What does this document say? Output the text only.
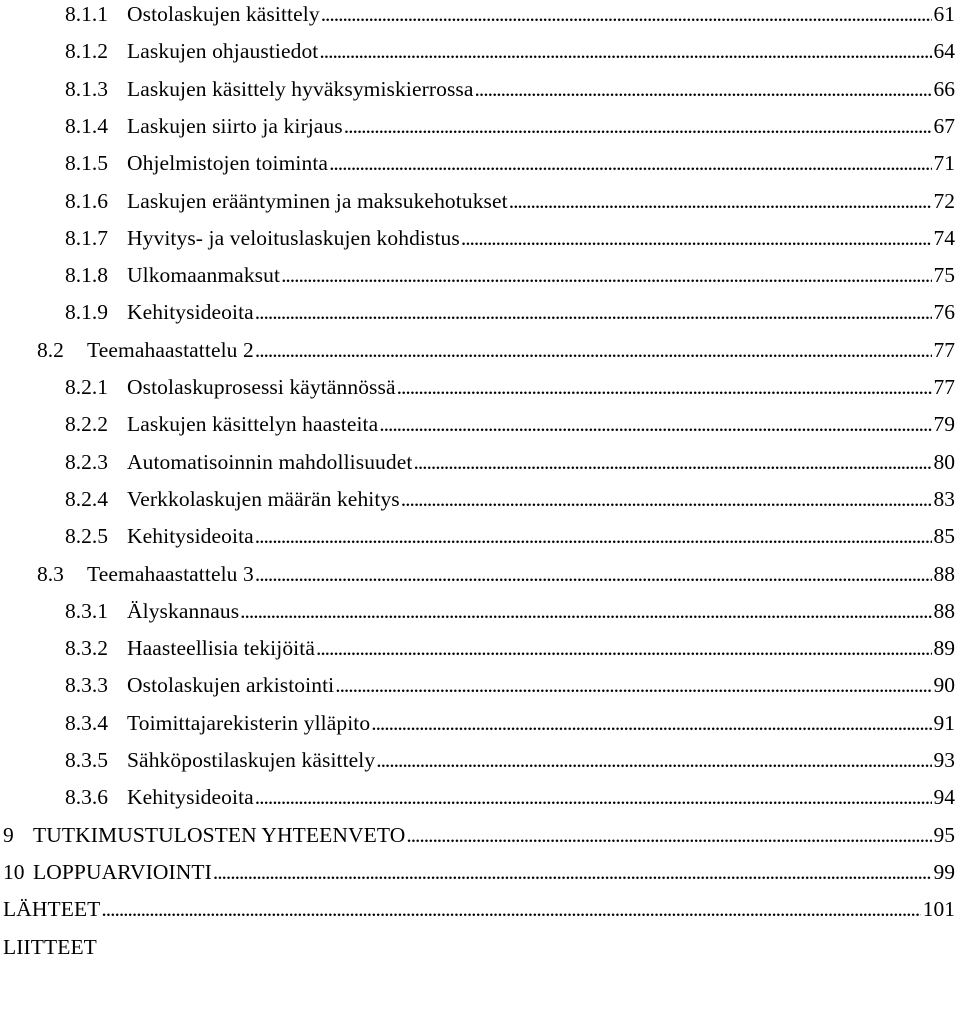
8.1.1 Ostolaskujen käsittely . . .	61
8.1.2 Laskujen ohjaustiedot . . .	64
8.1.3 Laskujen käsittely hyväksymiskierrossa . . .	66
8.1.4 Laskujen siirto ja kirjaus . . .	67
8.1.5 Ohjelmistojen toiminta . . .	71
8.1.6 Laskujen erääntyminen ja maksukehotukset . . .	72
8.1.7 Hyvitys- ja veloituslaskujen kohdistus . . .	74
8.1.8 Ulkomaanmaksut . . .	75
8.1.9 Kehitysideoita . . .	76
8.2	Teemahaastattelu 2 . . .	77
8.2.1 Ostolaskuprosessi käytännössä . . .	77
8.2.2 Laskujen käsittelyn haasteita . . .	79
8.2.3 Automatisoinnin mahdollisuudet . . .	80
8.2.4 Verkkolaskujen määrän kehitys . . .	83
8.2.5 Kehitysideoita . . .	85
8.3	Teemahaastattelu 3 . . .	88
8.3.1 Älyskannaus . . .	88
8.3.2 Haasteellisia tekijöitä . . .	89
8.3.3 Ostolaskujen arkistointi . . .	90
8.3.4 Toimittajarekisterin ylläpito . . .	91
8.3.5 Sähköpostilaskujen käsittely . . .	93
8.3.6 Kehitysideoita . . .	94
9 TUTKIMUSTULOSTEN YHTEENVETO . . .	95
10 LOPPUARVIOINTI . . .	99
LÄHTEET . . .	101
LIITTEET
